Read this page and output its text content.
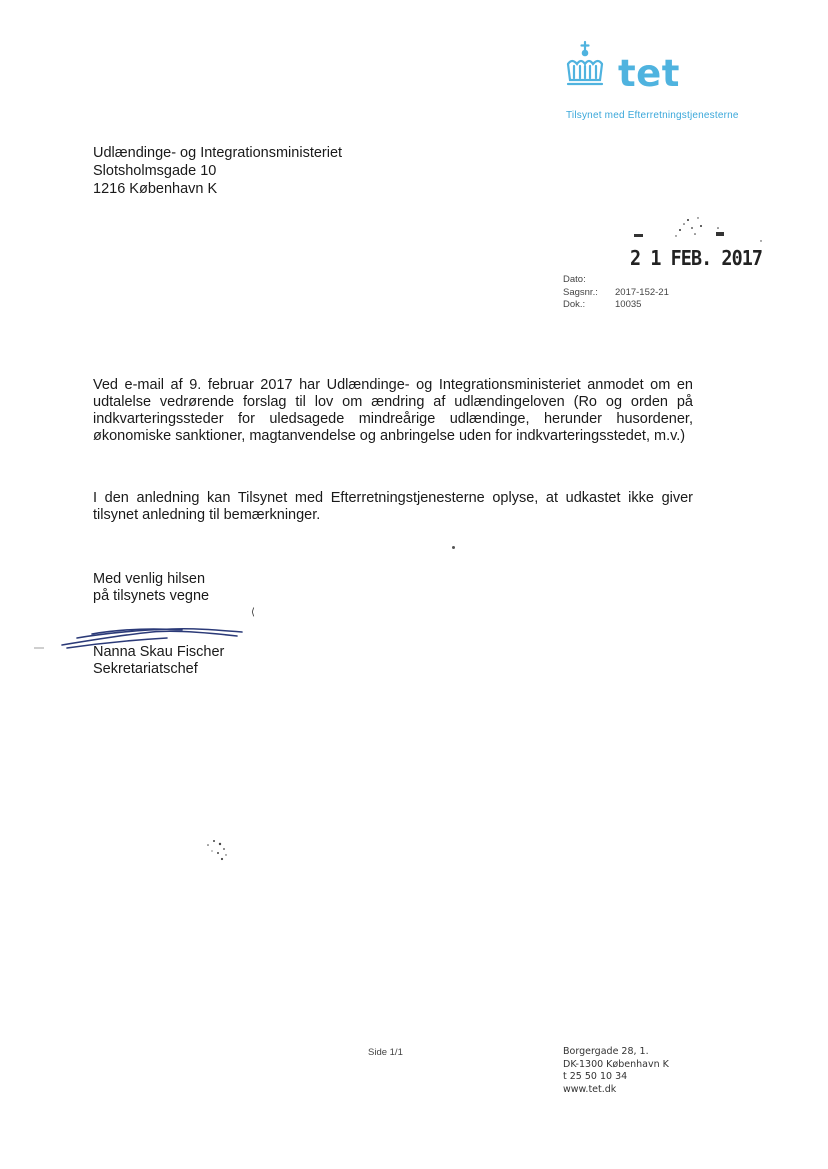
tet
Tilsynet med Efterretningstjenesterne
Udlændinge- og Integrationsministeriet
Slotsholmsgade 10
1216 København K
2 1 FEB. 2017
Dato:
Sagsnr.:	2017-152-21
Dok.:	10035
Ved e-mail af 9. februar 2017 har Udlændinge- og Integrationsministeriet anmodet om en udtalelse vedrørende forslag til lov om ændring af udlændingeloven (Ro og orden på indkvarteringssteder for uledsagede mindreårige udlændinge, herunder husordener, økonomiske sanktioner, magtanvendelse og anbringelse uden for indkvarteringsstedet, m.v.)
I den anledning kan Tilsynet med Efterretningstjenesterne oplyse, at udkastet ikke giver tilsynet anledning til bemærkninger.
Med venlig hilsen
på tilsynets vegne
⟨
Nanna Skau Fischer
Sekretariatschef
Side 1/1	Borgergade 28, 1.
DK-1300 København K
t 25 50 10 34
www.tet.dk
